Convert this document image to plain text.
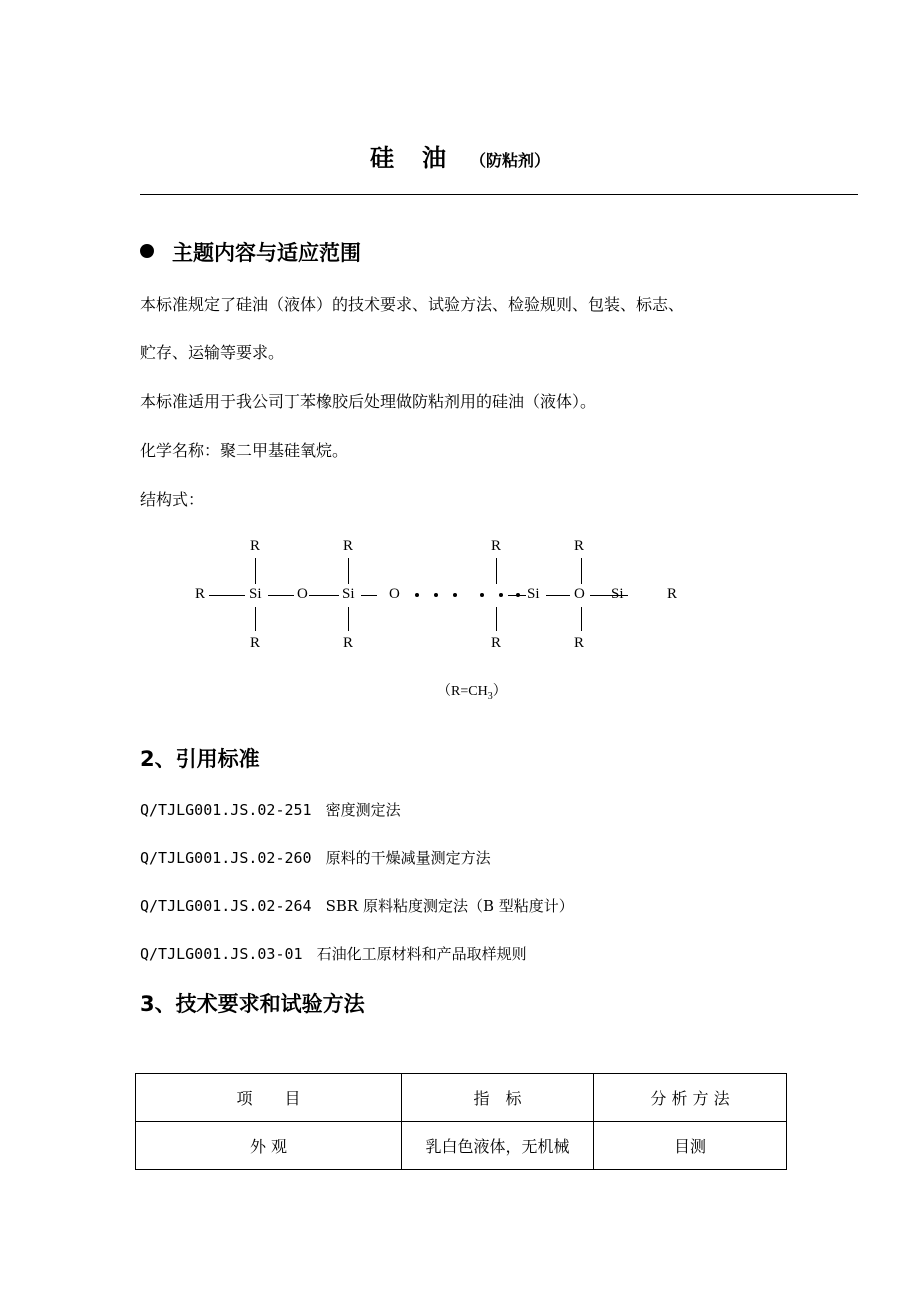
硅　油 （防粘剂）
主题内容与适应范围
本标准规定了硅油（液体）的技术要求、试验方法、检验规则、包装、标志、
贮存、运输等要求。
本标准适用于我公司丁苯橡胶后处理做防粘剂用的硅油（液体）。
化学名称：聚二甲基硅氧烷。
结构式：
R	R	R	R
R	Si O Si O	Si O Si	R
R	R	R	R
$(R=CH_3)$
2、引用标准
Q/TJLG001.JS.02-251 密度测定法
Q/TJLG001.JS.02-260 原料的干燥减量测定方法
Q/TJLG001.JS.02-264 SBR 原料粘度测定法（B 型粘度计）
Q/TJLG001.JS.03-01 石油化工原材料和产品取样规则
3、技术要求和试验方法
项　　目	指　标	分 析 方 法
外 观	乳白色液体，无机械	目测
